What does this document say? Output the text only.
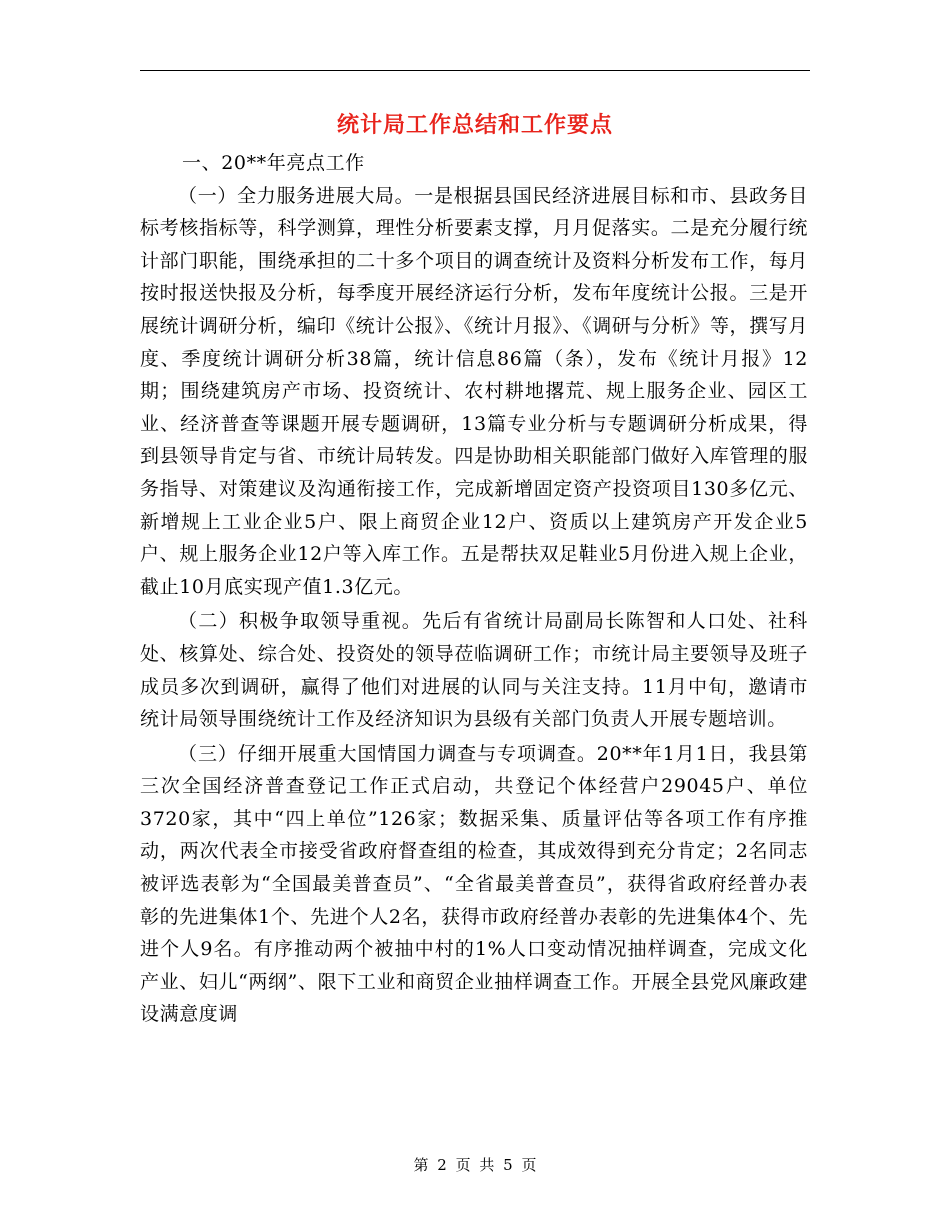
统计局工作总结和工作要点

一、20**年亮点工作

（一）全力服务进展大局。一是根据县国民经济进展目标和市、县政务目标考核指标等，科学测算，理性分析要素支撑，月月促落实。二是充分履行统计部门职能，围绕承担的二十多个项目的调查统计及资料分析发布工作，每月按时报送快报及分析，每季度开展经济运行分析，发布年度统计公报。三是开展统计调研分析，编印《统计公报》、《统计月报》、《调研与分析》等，撰写月度、季度统计调研分析38篇，统计信息86篇（条），发布《统计月报》12期；围绕建筑房产市场、投资统计、农村耕地撂荒、规上服务企业、园区工业、经济普查等课题开展专题调研，13篇专业分析与专题调研分析成果，得到县领导肯定与省、市统计局转发。四是协助相关职能部门做好入库管理的服务指导、对策建议及沟通衔接工作，完成新增固定资产投资项目130多亿元、新增规上工业企业5户、限上商贸企业12户、资质以上建筑房产开发企业5户、规上服务企业12户等入库工作。五是帮扶双足鞋业5月份进入规上企业，截止10月底实现产值1.3亿元。

（二）积极争取领导重视。先后有省统计局副局长陈智和人口处、社科处、核算处、综合处、投资处的领导莅临调研工作；市统计局主要领导及班子成员多次到调研，赢得了他们对进展的认同与关注支持。11月中旬，邀请市统计局领导围绕统计工作及经济知识为县级有关部门负责人开展专题培训。

（三）仔细开展重大国情国力调查与专项调查。20**年1月1日，我县第三次全国经济普查登记工作正式启动，共登记个体经营户29045户、单位3720家，其中“四上单位”126家；数据采集、质量评估等各项工作有序推动，两次代表全市接受省政府督查组的检查，其成效得到充分肯定；2名同志被评选表彰为“全国最美普查员”、“全省最美普查员”，获得省政府经普办表彰的先进集体1个、先进个人2名，获得市政府经普办表彰的先进集体4个、先进个人9名。有序推动两个被抽中村的1%人口变动情况抽样调查，完成文化产业、妇儿“两纲”、限下工业和商贸企业抽样调查工作。开展全县党风廉政建设满意度调

第 2 页 共 5 页
